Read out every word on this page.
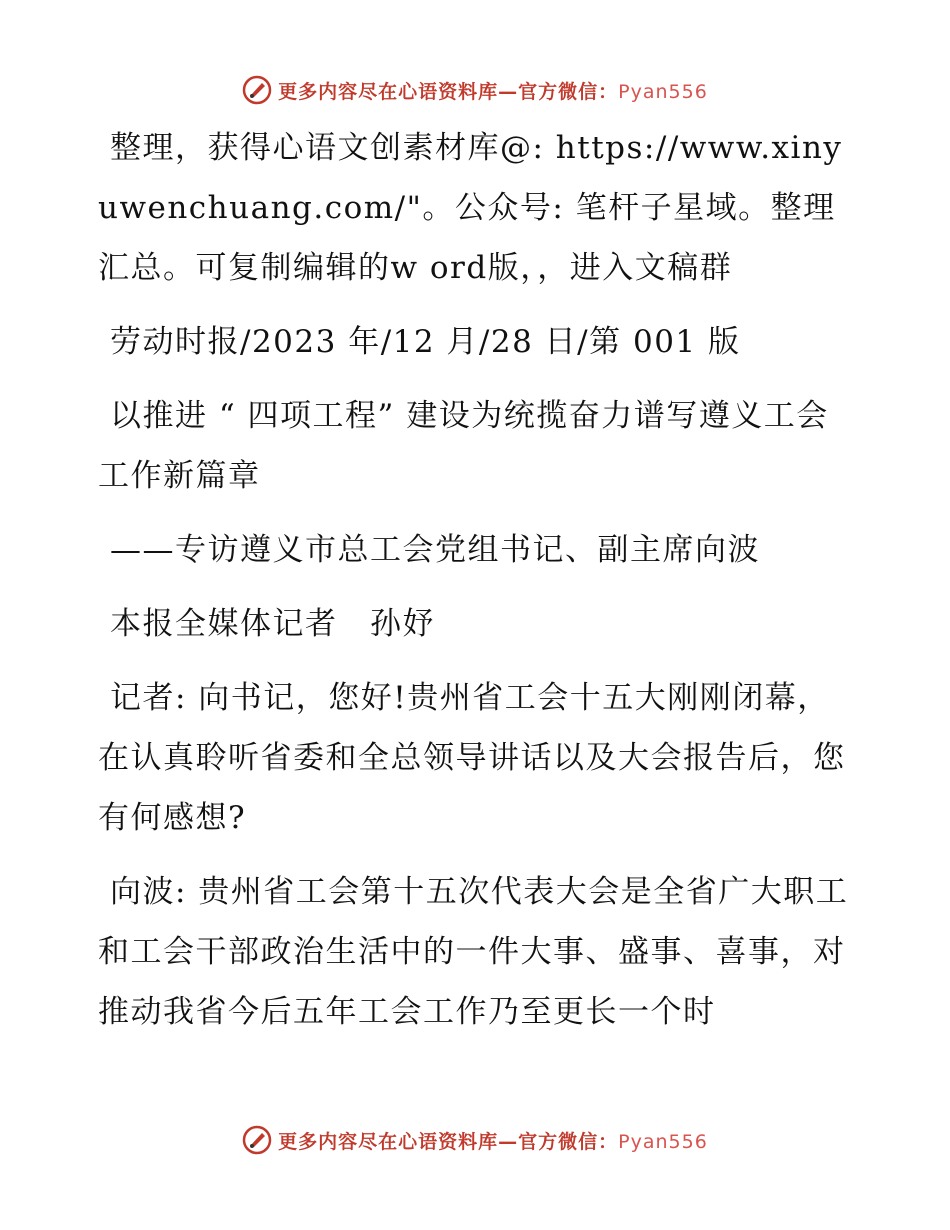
更多内容尽在心语资料库—官方微信：Pyan556

整理，获得心语文创素材库@: https://www.xinyuwenchuang.com/"。公众号: 笔杆子星域。整理汇总。可复制编辑的w ord版，，进入文稿群

劳动时报/2023 年/12 月/28 日/第 001 版

以推进 “ 四项工程” 建设为统揽奋力谱写遵义工会工作新篇章

——专访遵义市总工会党组书记、副主席向波

本报全媒体记者　孙妤

记者: 向书记，您好!贵州省工会十五大刚刚闭幕，在认真聆听省委和全总领导讲话以及大会报告后，您有何感想?

向波: 贵州省工会第十五次代表大会是全省广大职工和工会干部政治生活中的一件大事、盛事、喜事，对推动我省今后五年工会工作乃至更长一个时

更多内容尽在心语资料库—官方微信：Pyan556
